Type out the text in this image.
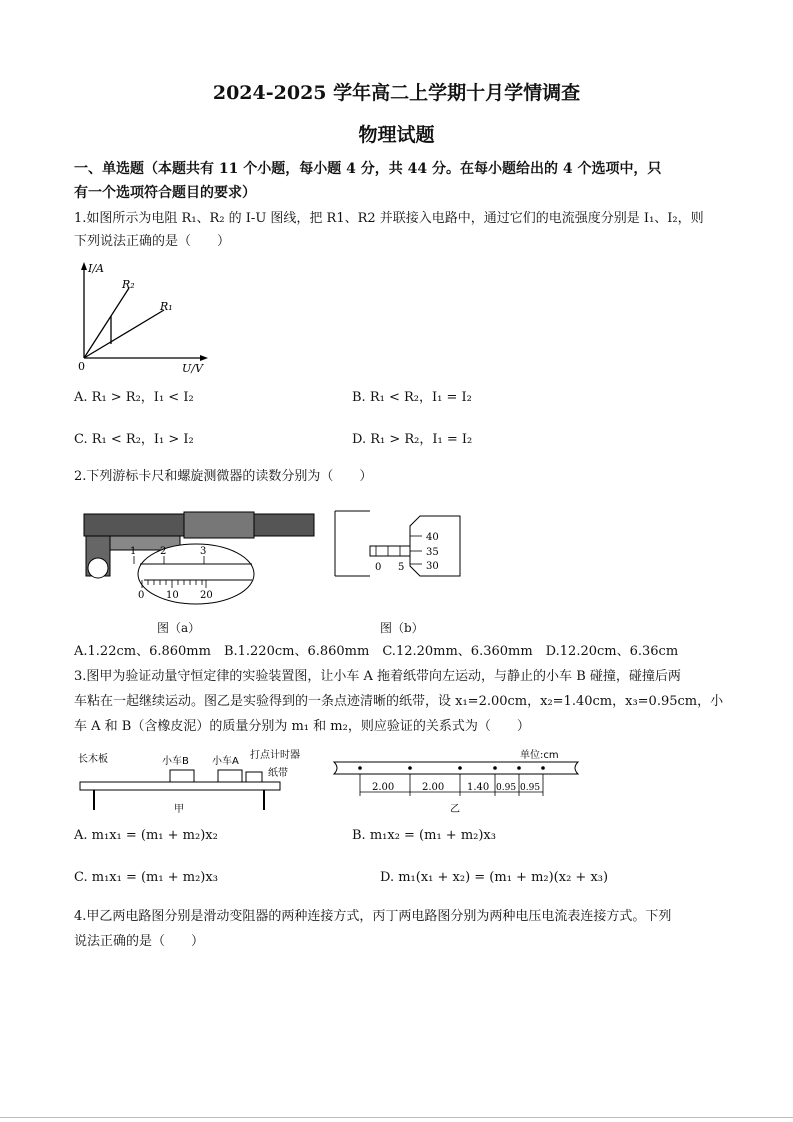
2024-2025 学年高二上学期十月学情调查
物理试题
一、单选题（本题共有 11 个小题，每小题 4 分，共 44 分。在每小题给出的 4 个选项中，只
有一个选项符合题目的要求）
1.如图所示为电阻 R₁、R₂ 的 I-U 图线，把 R1、R2 并联接入电路中，通过它们的电流强度分别是 I₁、I₂，则
下列说法正确的是（　　）
I/A
U/V
0
R₂
R₁
A. R₁ > R₂，I₁ < I₂	B. R₁ < R₂，I₁ = I₂
C. R₁ < R₂，I₁ > I₂	D. R₁ > R₂，I₁ = I₂
2.下列游标卡尺和螺旋测微器的读数分别为（　　）
1 2	3
0 10 20
40
35
30
0 5
图（a）	图（b）
A.1.22cm、6.860mm　B.1.220cm、6.860mm　C.12.20mm、6.360mm　D.12.20cm、6.36cm
3.图甲为验证动量守恒定律的实验装置图，让小车 A 拖着纸带向左运动，与静止的小车 B 碰撞，碰撞后两
车粘在一起继续运动。图乙是实验得到的一条点迹清晰的纸带，设 x₁=2.00cm，x₂=1.40cm，x₃=0.95cm，小
车 A 和 B（含橡皮泥）的质量分别为 m₁ 和 m₂，则应验证的关系式为（　　）
长木板	小车B 小车A
打点计时器
纸带
甲
单位:cm
2.00	2.00 1.40 0.95 0.95
乙
A. m₁x₁ = (m₁ + m₂)x₂	B. m₁x₂ = (m₁ + m₂)x₃
C. m₁x₁ = (m₁ + m₂)x₃	D. m₁(x₁ + x₂) = (m₁ + m₂)(x₂ + x₃)
4.甲乙两电路图分别是滑动变阻器的两种连接方式，丙丁两电路图分别为两种电压电流表连接方式。下列
说法正确的是（　　）
